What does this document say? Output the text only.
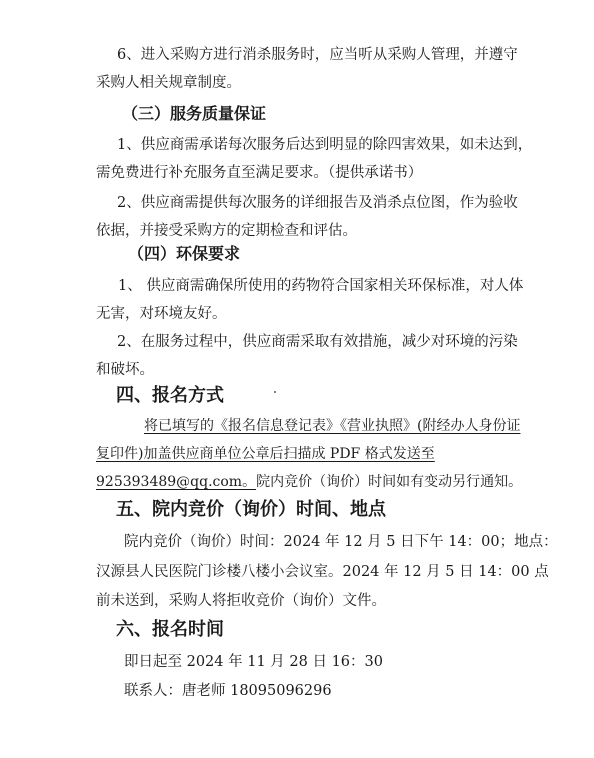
6、进入采购方进行消杀服务时，应当听从采购人管理，并遵守
采购人相关规章制度。
（三）服务质量保证
1、供应商需承诺每次服务后达到明显的除四害效果，如未达到，
需免费进行补充服务直至满足要求。（提供承诺书）
2、供应商需提供每次服务的详细报告及消杀点位图，作为验收
依据，并接受采购方的定期检查和评估。
（四）环保要求
1、 供应商需确保所使用的药物符合国家相关环保标准，对人体
无害，对环境友好。
2、在服务过程中，供应商需采取有效措施，减少对环境的污染
和破坏。
四、报名方式
将已填写的《报名信息登记表》《营业执照》(附经办人身份证
复印件)加盖供应商单位公章后扫描成 PDF 格式发送至
925393489@qq.com。院内竞价（询价）时间如有变动另行通知。
五、院内竞价（询价）时间、地点
院内竞价（询价）时间：2024 年 12 月 5 日下午 14：00；地点：
汉源县人民医院门诊楼八楼小会议室。2024 年 12 月 5 日 14：00 点
前未送到，采购人将拒收竞价（询价）文件。
六、报名时间
即日起至 2024 年 11 月 28 日 16：30
联系人：唐老师 18095096296
